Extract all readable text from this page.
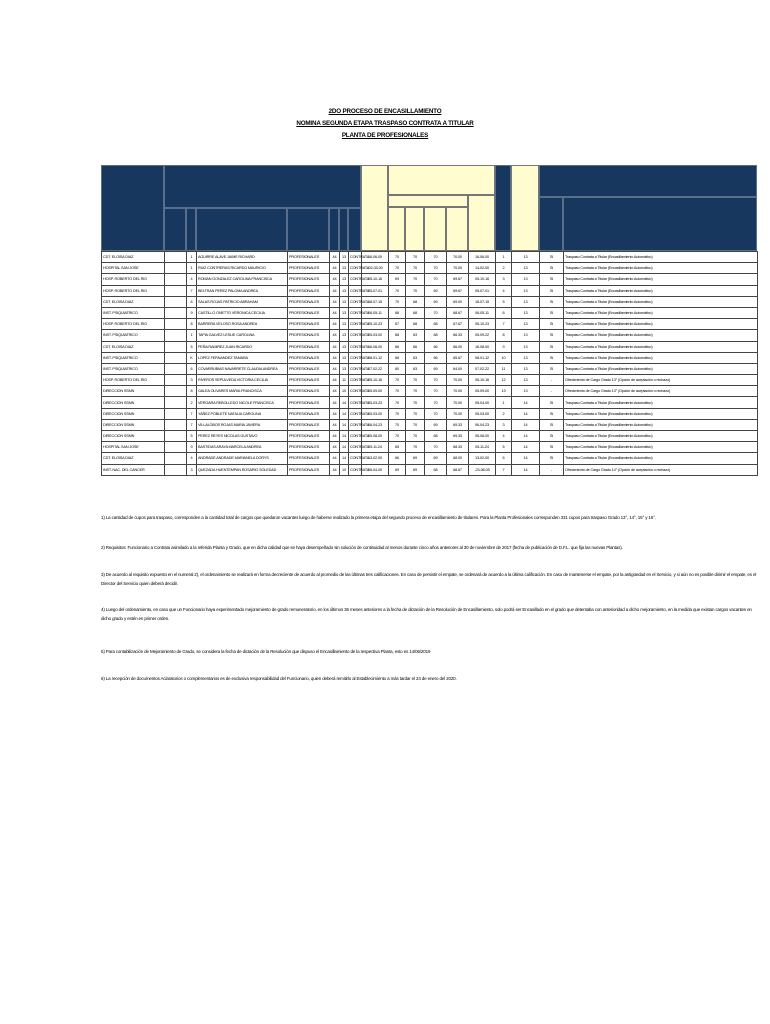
2DO PROCESO DE ENCASILLAMIENTO
NOMINA SEGUNDA ETAPA TRASPASO CONTRATA A TITULAR
PLANTA DE PROFESIONALES
CDT. ELOISA DIAZ		1	AGUIRRE ALAVE JAIME RICHARD	PROFESIONALES	44	13	CONTRATA	16-06-00	70	70	70	70.00	16-06-00	1	13	SI	Traspaso Contrata a Titular (Encasillamiento Automático)
HOSPITAL SAN JOSE		1	RUIZ CONTRERAS RICARDO MAURICIO	PROFESIONALES	44	13	CONTRATA	-02-03-00	70	70	70	70.00	14-02-00	2	13	SI	Traspaso Contrata a Titular (Encasillamiento Automático)
HOSP. ROBERTO DEL RIO		4	ROMAN GONZALEZ CAROLINA FRANCISCA	PROFESIONALES	44	13	CONTRATA	05-10-16	69	70	70	69.67	05-10-16	3	13	SI	Traspaso Contrata a Titular (Encasillamiento Automático)
HOSP. ROBERTO DEL RIO		7	BELTRAN PEREZ PALOMA ANDREA	PROFESIONALES	44	13	CONTRATA	05-07-01	70	70	69	69.67	05-07-01	4	13	SI	Traspaso Contrata a Titular (Encasillamiento Automático)
CDT. ELOISA DIAZ		6	SALAS ROJAS PATRICIO ABRAHAM	PROFESIONALES	44	13	CONTRATA	18-07-15	70	68	69	69.00	18-07-15	5	13	SI	Traspaso Contrata a Titular (Encasillamiento Automático)
INST. PSIQUIATRICO		9	CASTILLO ONETTO VERONICA CECILIA	PROFESIONALES	44	13	CONTRATA	06-05-11	68	68	70	68.67	06-05-11	6	13	SI	Traspaso Contrata a Titular (Encasillamiento Automático)
HOSP. ROBERTO DEL RIO		8	BARRERA VELOSO ROSA ANDREA	PROFESIONALES	44	13	CONTRATA	05-10-23	67	68	68	67.67	05-10-23	7	13	SI	Traspaso Contrata a Titular (Encasillamiento Automático)
INST. PSIQUIATRICO		1	TAPIA GALVEZ LESLIE CAROLINA	PROFESIONALES	44	13	CONTRATA	05-03-00	68	63	68	66.33	05-09-22	8	13	SI	Traspaso Contrata a Titular (Encasillamiento Automático)
CDT. ELOISA DIAZ		5	PEÑA RAMIREZ JUAN RICARDO	PROFESIONALES	44	13	CONTRATA	16-08-00	66	66	66	66.00	16-08-00	9	13	SI	Traspaso Contrata a Titular (Encasillamiento Automático)
INST. PSIQUIATRICO		K	LOPEZ FERNANDEZ TAMARA	PROFESIONALES	44	13	CONTRATA	08-01-12	68	63	66	65.67	08-01-12	10	13	SI	Traspaso Contrata a Titular (Encasillamiento Automático)
INST. PSIQUIATRICO		6	COVARRUBIAS NAVARRETE CLAUDIA ANDREA	PROFESIONALES	44	13	CONTRATA	07-02-22	60	63	69	64.00	07-02-22	11	13	SI	Traspaso Contrata a Titular (Encasillamiento Automático)
HOSP. ROBERTO DEL RIO		3	RIVEROS SEPULVEDA VICTORIA CECILIA	PROFESIONALES	44	11	CONTRATA	05-10-16	70	70	70	70.00	05-10-16	12	13	-	Ofrecimiento de Cargo Grado 13° (Opción de aceptación o rechazo)
DIRECCION SSMN		8	GALEA OLIVARES MARIA FRANCISCA	PROFESIONALES	44	10	CONTRATA	05-09-00	70	70	70	70.00	05-09-00	13	13	-	Ofrecimiento de Cargo Grado 13° (Opción de aceptación o rechazo)
DIRECCION SSMN		2	VERGARA REBOLLEDO NICOLE FRANCISCA	PROFESIONALES	44	14	CONTRATA	05-03-23	70	70	70	70.00	05-04-00	1	14	SI	Traspaso Contrata a Titular (Encasillamiento Automático)
DIRECCION SSMN		7	YAÑEZ POBLETE NATALIA CAROLINA	PROFESIONALES	44	14	CONTRATA	05-03-00	70	70	70	70.00	05-03-00	2	14	SI	Traspaso Contrata a Titular (Encasillamiento Automático)
DIRECCION SSMN		7	VILLALOBOS ROJAS MARIA JAVIERA	PROFESIONALES	44	14	CONTRATA	06-04-23	70	70	69	69.33	06-04-23	3	14	SI	Traspaso Contrata a Titular (Encasillamiento Automático)
DIRECCION SSMN		5	PEREZ REYES NICOLAS GUSTAVO	PROFESIONALES	44	14	CONTRATA	05-08-00	70	70	68	69.33	05-08-00	4	14	SI	Traspaso Contrata a Titular (Encasillamiento Automático)
HOSPITAL SAN JOSE		9	BASTIDAS ARAYA MARCELA ANDREA	PROFESIONALES	44	14	CONTRATA	05-11-24	65	70	70	68.33	05-11-24	5	14	SI	Traspaso Contrata a Titular (Encasillamiento Automático)
CDT. ELOISA DIAZ		4	ANDRADE ANDRADE MARIANELA DORYS	PROFESIONALES	44	14	CONTRATA	13-02-00	66	69	69	68.00	13-02-00	6	14	SI	Traspaso Contrata a Titular (Encasillamiento Automático)
INST. NAC. DEL CANCER		3	QUEZADA HUENTEMPAN ROSARIO SOLEDAD	PROFESIONALES	44	10	CONTRATA	06-04-00	69	69	68	68.67	-23-08-05	7	14	-	Ofrecimiento de Cargo Grado 14° (Opción de aceptación o rechazo)
1) La cantidad de cupos para traspaso, corresponden a la cantidad total de cargos que quedaron vacantes luego de haberse realizado la primera etapa del segundo proceso de encasillamiento de titulares. Para la Planta Profesionales corresponden 331 cupos para traspaso Grado 13°, 14°, 15° y 16°.
2) Requisitos: Funcionario a Contrata asimilado a la referida Planta y Grado, que en dicha calidad que se haya desempeñado sin solución de continuidad al menos durante cinco años anteriores al 30 de noviembre de 2017 (fecha de publicación de D.F.L. que fija las nuevas Plantas).
3) De acuerdo al requisito expuesto en el numeral 2), el ordenamiento se realizará en forma decreciente de acuerdo al promedio de las últimas tres calificaciones. En caso de persistir el empate, se ordenará de acuerdo a la última calificación. En caso de mantenerse el empate, por la antigüedad en el Servicio, y si aún no es posible dirimir el empate, es el Director del Servicio quien deberá decidir.
4) Luego del ordenamiento, en caso que un Funcionario haya experimentado mejoramiento de grado remuneratorio, en los últimos 36 meses anteriores a la fecha de dictación de la Resolución de Encasillamiento, solo podrá ser Encasillado en el grado que detentaba con anterioridad a dicho mejoramiento, en la medida que existan cargos vacantes en dicho grado y estén en primer orden.
5) Para contabilización de Mejoramiento de Grado, se considera la fecha de dictación de la Resolución que dispuso el Encasillamiento de la respectiva Planta, esto es 14/06/2019
6) La recepción de documentos Aclaratorios o complementarios es de exclusiva responsabilidad del Funcionario, quien deberá remitirlo al Establecimiento a más tardar el 24 de enero del 2020.
